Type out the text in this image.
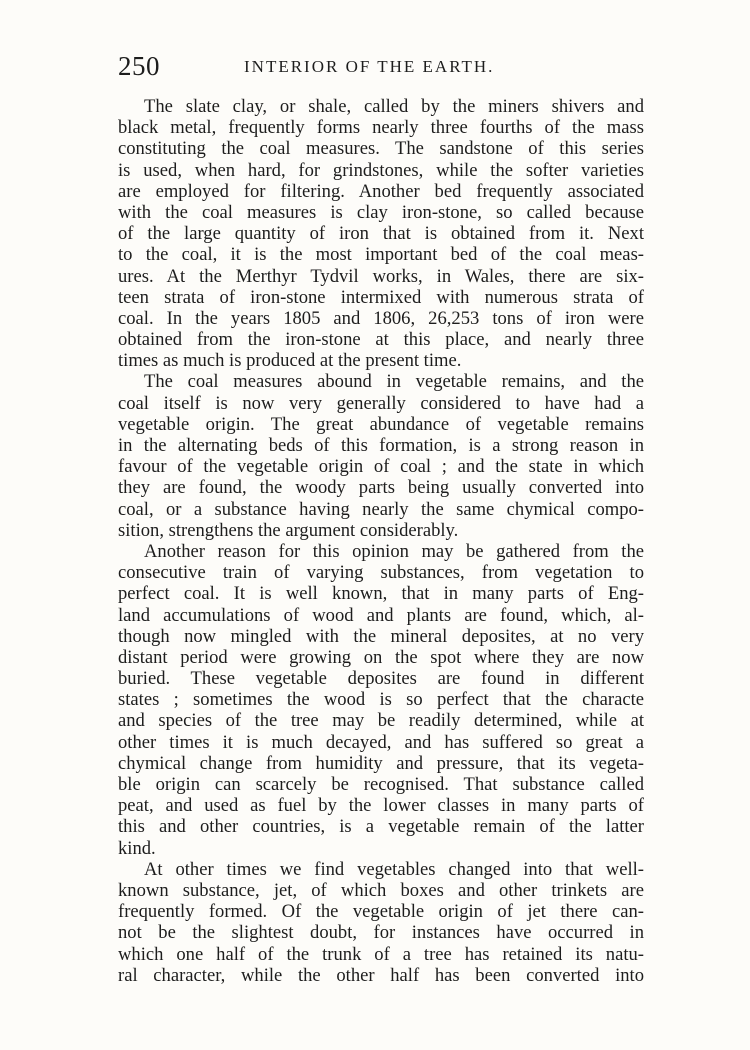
250	INTERIOR OF THE EARTH.
The slate clay, or shale, called by the miners shivers and
black metal, frequently forms nearly three fourths of the mass
constituting the coal measures. The sandstone of this series
is used, when hard, for grindstones, while the softer varieties
are employed for filtering. Another bed frequently associated
with the coal measures is clay iron-stone, so called because
of the large quantity of iron that is obtained from it. Next
to the coal, it is the most important bed of the coal meas-
ures. At the Merthyr Tydvil works, in Wales, there are six-
teen strata of iron-stone intermixed with numerous strata of
coal. In the years 1805 and 1806, 26,253 tons of iron were
obtained from the iron-stone at this place, and nearly three
times as much is produced at the present time.
The coal measures abound in vegetable remains, and the
coal itself is now very generally considered to have had a
vegetable origin. The great abundance of vegetable remains
in the alternating beds of this formation, is a strong reason in
favour of the vegetable origin of coal ; and the state in which
they are found, the woody parts being usually converted into
coal, or a substance having nearly the same chymical compo-
sition, strengthens the argument considerably.
Another reason for this opinion may be gathered from the
consecutive train of varying substances, from vegetation to
perfect coal. It is well known, that in many parts of Eng-
land accumulations of wood and plants are found, which, al-
though now mingled with the mineral deposites, at no very
distant period were growing on the spot where they are now
buried. These vegetable deposites are found in different
states ; sometimes the wood is so perfect that the characte
and species of the tree may be readily determined, while at
other times it is much decayed, and has suffered so great a
chymical change from humidity and pressure, that its vegeta-
ble origin can scarcely be recognised. That substance called
peat, and used as fuel by the lower classes in many parts of
this and other countries, is a vegetable remain of the latter
kind.
At other times we find vegetables changed into that well-
known substance, jet, of which boxes and other trinkets are
frequently formed. Of the vegetable origin of jet there can-
not be the slightest doubt, for instances have occurred in
which one half of the trunk of a tree has retained its natu-
ral character, while the other half has been converted into
